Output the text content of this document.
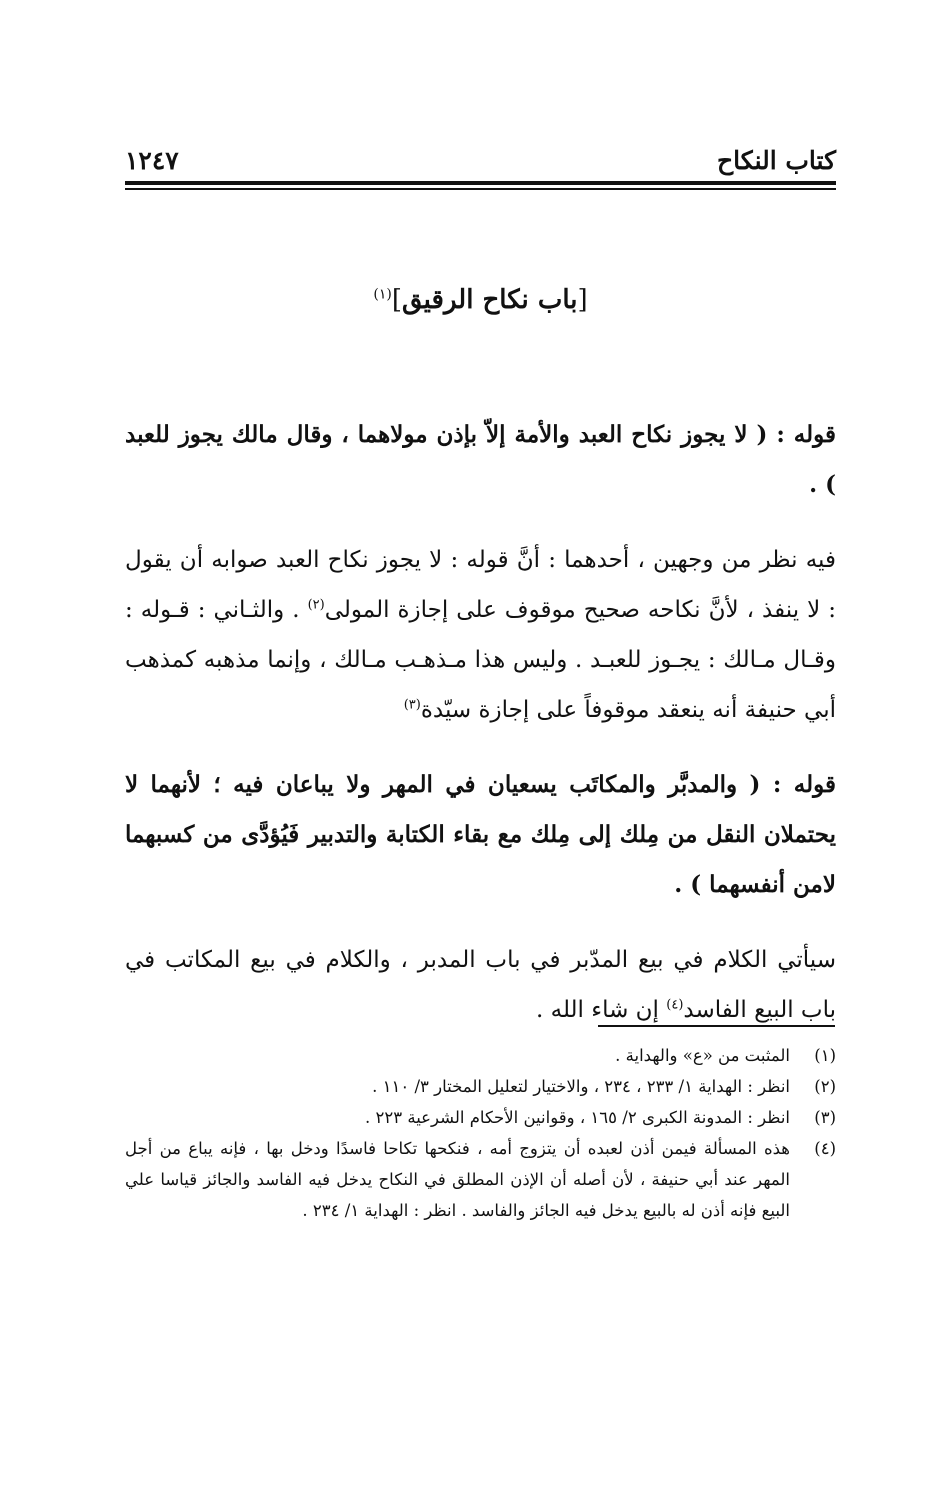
كتاب النكاح
١٢٤٧
[باب نكاح الرقيق]$^{(١)}$

قوله : ( لا يجوز نكاح العبد والأمة إلاّ بإذن مولاهما ، وقال مالك يجوز للعبد ) .

فيه نظر من وجهين ، أحدهما : أنَّ قوله : لا يجوز نكاح العبد صوابه أن يقول : لا ينفذ ، لأنَّ نكاحه صحيح موقوف على إجازة المولى$^{(٢)}$ . والثـاني : قـوله : وقـال مـالك : يجـوز للعبـد . وليس هذا مـذهـب مـالك ، وإنما مذهبه كمذهب أبي حنيفة أنه ينعقد موقوفاً على إجازة سيّدة$^{(٣)}$

قوله : ( والمدبَّر والمكاتَب يسعيان في المهر ولا يباعان فيه ؛ لأنهما لا يحتملان النقل من مِلك إلى مِلك مع بقاء الكتابة والتدبير فَيُؤدَّى من كسبهما لامن أنفسهما ) .

سيأتي الكلام في بيع المدّبر في باب المدبر ، والكلام في بيع المكاتب في باب البيع الفاسد$^{(٤)}$ إن شاء الله .

(١)
المثبت من «ع» والهداية .
(٢)
انظر : الهداية ١/ ٢٣٣ ، ٢٣٤ ، والاختيار لتعليل المختار ٣/ ١١٠ .
(٣)
انظر : المدونة الكبرى ٢/ ١٦٥ ، وقوانين الأحكام الشرعية ٢٢٣ .
(٤)
هذه المسألة فيمن أذن لعبده أن يتزوج أمه ، فنكحها تكاحا فاسدًا ودخل بها ، فإنه يباع من أجل المهر عند أبي حنيفة ، لأن أصله أن الإذن المطلق في النكاح يدخل فيه الفاسد والجائز قياسا علي البيع فإنه أذن له بالبيع يدخل فيه الجائز والفاسد . انظر : الهداية ١/ ٢٣٤ .
